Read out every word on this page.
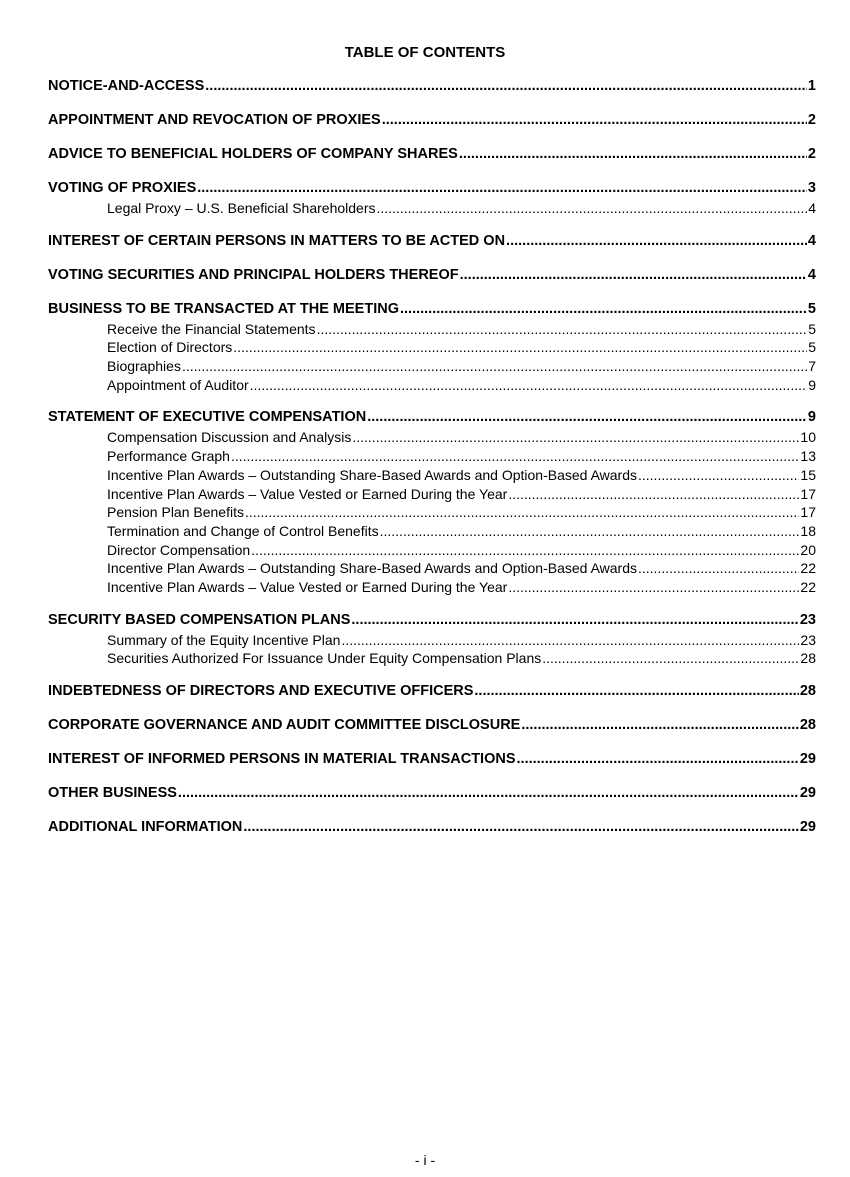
TABLE OF CONTENTS
NOTICE-AND-ACCESS .....	1
APPOINTMENT AND REVOCATION OF PROXIES .....	2
ADVICE TO BENEFICIAL HOLDERS OF COMPANY SHARES .....	2
VOTING OF PROXIES .....	3
Legal Proxy – U.S. Beneficial Shareholders .....	4
INTEREST OF CERTAIN PERSONS IN MATTERS TO BE ACTED ON .....	4
VOTING SECURITIES AND PRINCIPAL HOLDERS THEREOF .....	4
BUSINESS TO BE TRANSACTED AT THE MEETING .....	5
Receive the Financial Statements .....	5
Election of Directors .....	5
Biographies .....	7
Appointment of Auditor .....	9
STATEMENT OF EXECUTIVE COMPENSATION .....	9
Compensation Discussion and Analysis .....	10
Performance Graph .....	13
Incentive Plan Awards – Outstanding Share-Based Awards and Option-Based Awards .....	15
Incentive Plan Awards – Value Vested or Earned During the Year .....	17
Pension Plan Benefits .....	17
Termination and Change of Control Benefits .....	18
Director Compensation .....	20
Incentive Plan Awards – Outstanding Share-Based Awards and Option-Based Awards .....	22
Incentive Plan Awards – Value Vested or Earned During the Year .....	22
SECURITY BASED COMPENSATION PLANS .....	23
Summary of the Equity Incentive Plan .....	23
Securities Authorized For Issuance Under Equity Compensation Plans .....	28
INDEBTEDNESS OF DIRECTORS AND EXECUTIVE OFFICERS .....	28
CORPORATE GOVERNANCE AND AUDIT COMMITTEE DISCLOSURE .....	28
INTEREST OF INFORMED PERSONS IN MATERIAL TRANSACTIONS .....	29
OTHER BUSINESS .....	29
ADDITIONAL INFORMATION .....	29
- i -
